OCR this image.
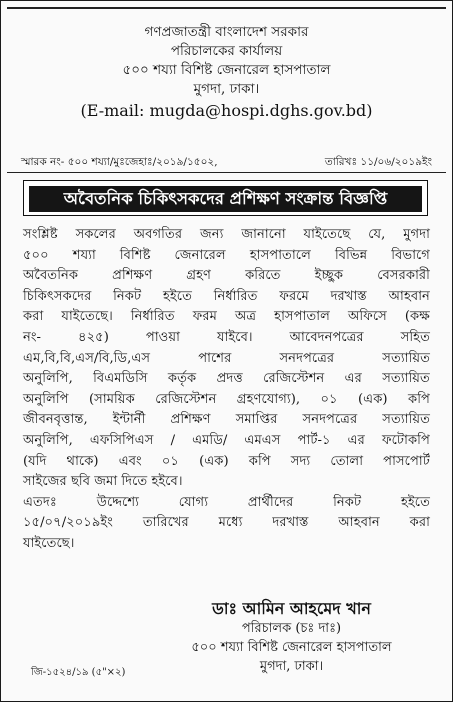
গণপ্রজাতন্ত্রী বাংলাদেশ সরকার
পরিচালকের কার্যালয়
৫০০ শয্যা বিশিষ্ট জেনারেল হাসপাতাল
মুগদা, ঢাকা।
(E-mail: mugda@hospi.dghs.gov.bd)
স্মারক নং- ৫০০ শয্যা/মুঃজেহাঃ/২০১৯/১৫০২,	তারিখঃ ১১/০৬/২০১৯ইং
অবৈতনিক চিকিৎসকদের প্রশিক্ষণ সংক্রান্ত বিজ্ঞপ্তি
সংশ্লিষ্ট সকলের অবগতির জন্য জানানো যাইতেছে যে, মুগদা
৫০০ শয্যা বিশিষ্ট জেনারেল হাসপাতালে বিভিন্ন বিভাগে
অবৈতনিক	প্রশিক্ষণ	গ্রহণ	করিতে	ইচ্ছুক	বেসরকারী
চিকিৎসকদের নিকট হইতে নির্ধারিত ফরমে দরখাস্ত আহবান
করা যাইতেছে। নির্ধারিত ফরম অত্র হাসপাতাল অফিসে (কক্ষ
নং-	৪২৫)	পাওয়া	যাইবে।	আবেদনপত্রের	সহিত
এম,বি,বি,এস/বি,ডি,এস	পাশের	সনদপত্রের	সত্যায়িত
অনুলিপি, বিএমডিসি কর্তৃক প্রদত্ত রেজিস্টেশন এর সত্যায়িত
অনুলিপি (সাময়িক রেজিস্টেশন গ্রহণযোগ্য), ০১ (এক) কপি
জীবনবৃত্তান্ত, ইন্টার্নী প্রশিক্ষণ সমাপ্তির সনদপত্রের সত্যায়িত
অনুলিপি, এফসিপিএস / এমডি/ এমএস পার্ট-১ এর ফটোকপি
(যদি থাকে) এবং ০১ (এক) কপি সদ্য তোলা পাসপোর্ট
সাইজের ছবি জমা দিতে হইবে।
এতদঃ	উদ্দেশ্যে	যোগ্য	প্রার্থীদের	নিকট	হইতে
১৫/০৭/২০১৯ইং তারিখের মধ্যে দরখাস্ত আহবান করা
যাইতেছে।
ডাঃ আমিন আহমেদ খান
পরিচালক (চঃ দাঃ)
৫০০ শয্যা বিশিষ্ট জেনারেল হাসপাতাল
মুগদা, ঢাকা।
জি-১৫২৪/১৯ (৫"×২)
